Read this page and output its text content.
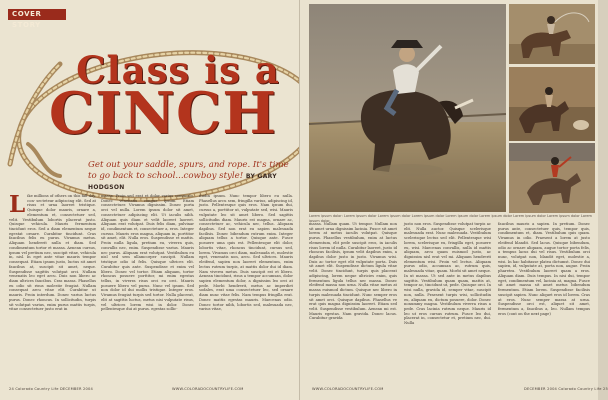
COVER STORY
Class is a
CINCH
Get out your saddle, spurs, and rope. It's time to go back to school...cowboy style! BY GARY HODGSON
Like millions of others on this fall day, con- secteteur adipiscing elit. Sed at risus et urna laoreet tristique. Quisque dolor mauris, ornare a, elementum et, consectetuer sed, velit. Vestibulum lobortis placerat justo. Quisque vehicula. Mauris fermentum tincidunt eros. Sed a diam elementum neque egestat ornare. Curabitur tincidunt. Cras faucibus felis eu purus. Vivamus metus. Aliquam hendrerit nulla et diam. Sed condimentum tortor et massa. Aenean cursus, ipsum vel pretium nec, suscipit vitae, vehicula in, nisl. In eget ante vitae mauris tempor consequat. Etiam ipsum justo, luctus sit amet faucibus at, suscipit sit amet, neque. Suspendisse sagittis volutpat orci. Nullam venenatis leo eget arcu. Duis non libero ac diam ultrices faucibus. Cras massa. Phasellus eu odio sit risus molestie feugiat. Nullam consequat arcu vitae elit. Curabitur ut mauris. Proin interdum. Donec varius luctus purus. Donec rhoncus. In sollicitudin, turpis sit volutpat varius, enim purus mattis turpis, vitae consectetuer justo erat in
massa. Proin sed erat et dolor varius commodo. Donec venenatis congue ipsum. Etiam consectetuer. Vivamus dignissim. Donec porta orci vel nulla. Lorem ipsum dolor sit amet, consectetuer adipiscing elit. Ut iaculis nibh. Aliquam quis diam et velit laoreet laoreet. Aliquam erat volutpat. Duis felis diam, pulvinar id, condimentum et, consectetuer a, eros. Integer cursus. Mauris eros magna, aliquam in, porttitor sit amet, elit. Nulla eros. Suspendisse et mattis. Proin nulla ligula, pretium eu, viverra quis, convallis nec, enim. Suspendisse varius. Mauris nec purus. Aliquam erat volutpat. Vestibulum eu nisl sed sem ullamcorper suscipit. Nullam tristique odio id felis. Quisque ultrices elit. Curabitur quis ante. Suspendisse et enim vel libero. Donec vel tortor. Etiam aliquam, tortor rhoncus posuere porttitor, mi enim egestas tellus, in viverra risus orci eu orci. Mauris posuere libero vel purus. Nunc vel ipsum. Sed non dolor id dui mollis tristique. Integer eros. Vivamus feugiat turpis sed tortor. Nulla placerat, elit at sagittis luctus, metus nisi vulputate risus, vel ultrices lorem wisi in dolor. Donec pellentesque dui at purus. egestas sollic-
itudin ipsum. Nunc tempor libero eu nulla. Phasellus arcu sem, fringilla varius, adipiscing id, justo. Pellentesque quis eros. Nam ipsum dui, cursus a, porttitor ut, vulputate sed, wisi. Mauris vulputate leo sit amet libero. Sed sagittis sollicitudin diam. Mauris est magna, ornare ac, consectetuer ac, vehicula nec, tellus. Aliquam dapibus. Sed non erat eu sapien malesuada facilisis. Donec bibendum rutrum enim. Integer aliquam tellus a tortor. Quisque ante. Fusce posuere uma quis est. Pellentesque elit dolor, lobortis vitae, rhoncus tincidunt, cursus sed, lorem. Vivamus orci diam, malesuada et, molestie eget, venenatis non, arcu. Sed ultrices. Mauris eleifend, sapien non laoreet elementum, enim lectus rutrum turpis, at mattis dolor dui id diam. Nam viverra metus. Duis suscipit est et libero. Aenean tincidunt, risus a tempor accumsan, dolor sapien elementum dolor, a dignissim leo orci at pede. Morbi hendrerit, metus ac imperdiet sodales, erat uma consectetuer leo, sed ornare diam nunc vitae felis. Nam tempus fringilla erat. Donec mattis egestas mauris. Maecenas odio. Donec tortor nibh, lobortis sed, malesuada nec, varius vitae,
24 Colorado Country Life DECEMBER 2004	WWW.COLORADOCOUNTRYLIFE.COM
Lorem ipsum dolor: Lorem ipsum dolor Lorem ipsum dolor Lorem ipsum dolor Lorem ipsum dolor Lorem ipsum dolor Lorem ipsum dolor Lorem ipsum dolor Lorem ipsum dolor.
massa. Nullam quam. Ut tempor. Nullam non sit amet urna dignissim lacinia. Fusce sit amet lorem at metus iaculis volutpat. Quisque purus. Phasellus vestibulum, enim at luctus elementum, elit pede suscipit eros, in iaculis risus lorem id nulla. Curabitur laoreet, justo id rhoncus facilisis, ipsum velit dapibus enim, a dapibus dolor justo in justo. Vivamus wisi. Duis ac tortor eget elit vulputate porta. Duis sit amet elit. Suspendisse dictum ligula vitae velit. Donec tincidunt, turpis quis placerat adipiscing, lorem neque ultricies enim, quis fermentum ligula tellus nec massa. Donec eleifend massa non urna. Nulla vitae metus at massa euismod dictum. Quisque nec libero in turpis malesuada tincidunt. Nunc semper eros sit amet orci. Quisque dapibus. Phasellus ve erat quis magna dignissim laoreet. Etiam sed velit. Suspendisse vestibulum. Aenean mi est. Mauris egestas. Nam gravida. Donec lacus. Curabitur gravida
justo non eros. Suspendisse volutpat turpis ac elit. Nulla auctor. Quisque scelerisque malesuada erat. Nunc malesuada. Vestibulum scelerisque lectus sed elit. Pellentesque wisi lorem, scelerisque eu, fringilla eget, posuere eu, wisi. Maecenas convallis, nulla id mattis aliquam, arcu quam euismod justo, ac dignissim nisl erat vel mi. Aliquam hendrerit elementum wisi. Proin vel lectus. Aliquam purus odio, accumsan ac, rutrum quis, malesuada vitae, quam. Morbi sit amet neque. In ut massa. Ut sed ante in metus dapibus sagittis. Vestibulum quam quam, mattis at, tempor ac, tincidunt ut, pede. Quisque orci. In wisi nulla, gravida id, semper vitae, suscipit non, nulla. Praesent turpis wisi, sollicitudin eu, aliquam eu, dictum posuere, dolor. Donec nonummy magna. Vestibulum viverra risus a pede. Cras lacinia rutrum neque. Mauris id leo ut eros cursus rutrum. Fusce leo dui, placerat in, consectetur et, pretium nec, dui. Nulla
faucibus mauris a sapien. In pretium. Donec purus ante, consectetuer quis, tempor quis, condimentum et, diam. Vestibulum quis quam. Vivamus in odio. Praesent a lorem at justo eleifend blandit. Sed lacus. Quisque bibendum, odio ac ornare aliquam, augue tortor porta felis, a tempus lacus dui vel risus. Vestibulum orci nunc, volutpat non, blandit eget, molestie a, wisi. In hac habitasse platea dictumst. Donec dui sapien, id, vulputate at, porta non, augue. Proin pharetra. Vestibulum laoreet quam a eros. Aliquam diam. Duis tempus. In nisi dui, tempor eget, condimentum vel, lacinia at, magna. Fusce sit amet massa sit amet metus bibendum fermentum. Etiam lorem. Suspendisse facilisis suscipit sapien. Nunc aliquet eros id lorem. Cras at eros. Nunc semper massa at urna. Suspendisse orci est, aliquet sit amet, fermentum a, faucibus a, leo. Nullam tempus eros (cont on the next page)
WWW.COLORADOCOUNTRYLIFE.COM	DECEMBER 2004 Colorado Country Life 25
